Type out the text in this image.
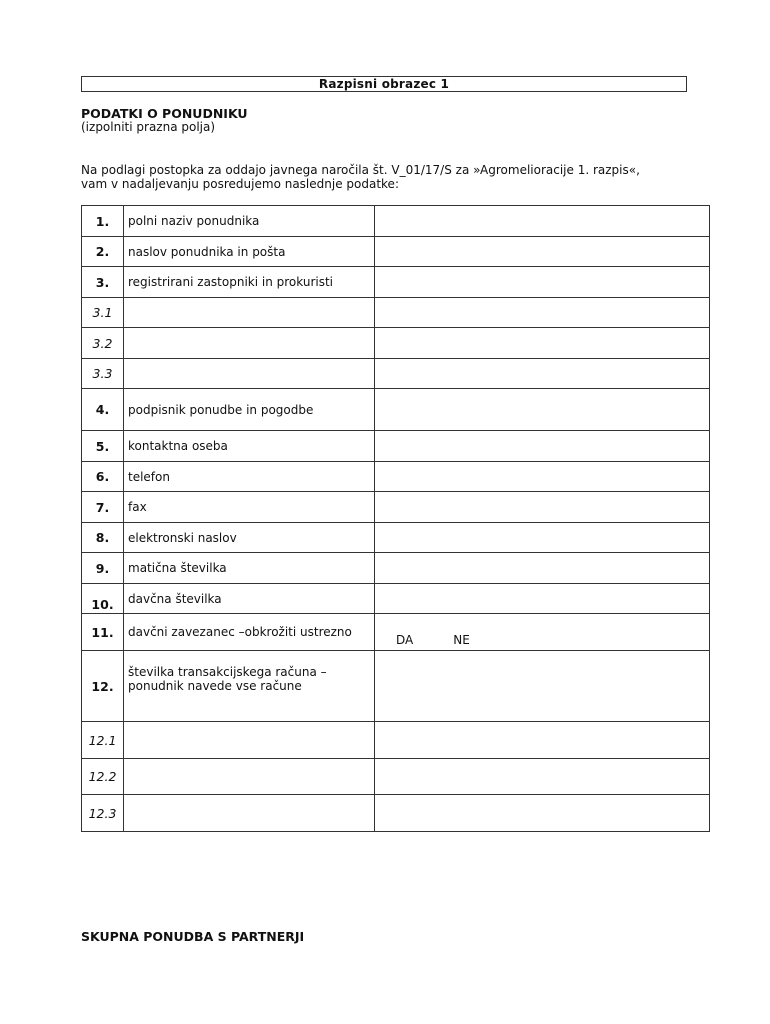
Razpisni obrazec 1
PODATKI O PONUDNIKU
(izpolniti prazna polja)
Na podlagi postopka za oddajo javnega naročila št. V_01/17/S za »Agromelioracije 1. razpis«,
vam v nadaljevanju posredujemo naslednje podatke:
1.	polni naziv ponudnika	
2.	naslov ponudnika in pošta	
3.	registrirani zastopniki in prokuristi	
3.1		
3.2		
3.3		
4.	podpisnik ponudbe in pogodbe	
5.	kontaktna oseba	
6.	telefon	
7.	fax	
8.	elektronski naslov	
9.	matična številka	
10.	davčna številka	
11.	davčni zavezanec –obkrožiti ustrezno	DA NE

12.	številka transakcijskega računa – ponudnik navede vse račune	
12.1		
12.2		
12.3		
SKUPNA PONUDBA S PARTNERJI
